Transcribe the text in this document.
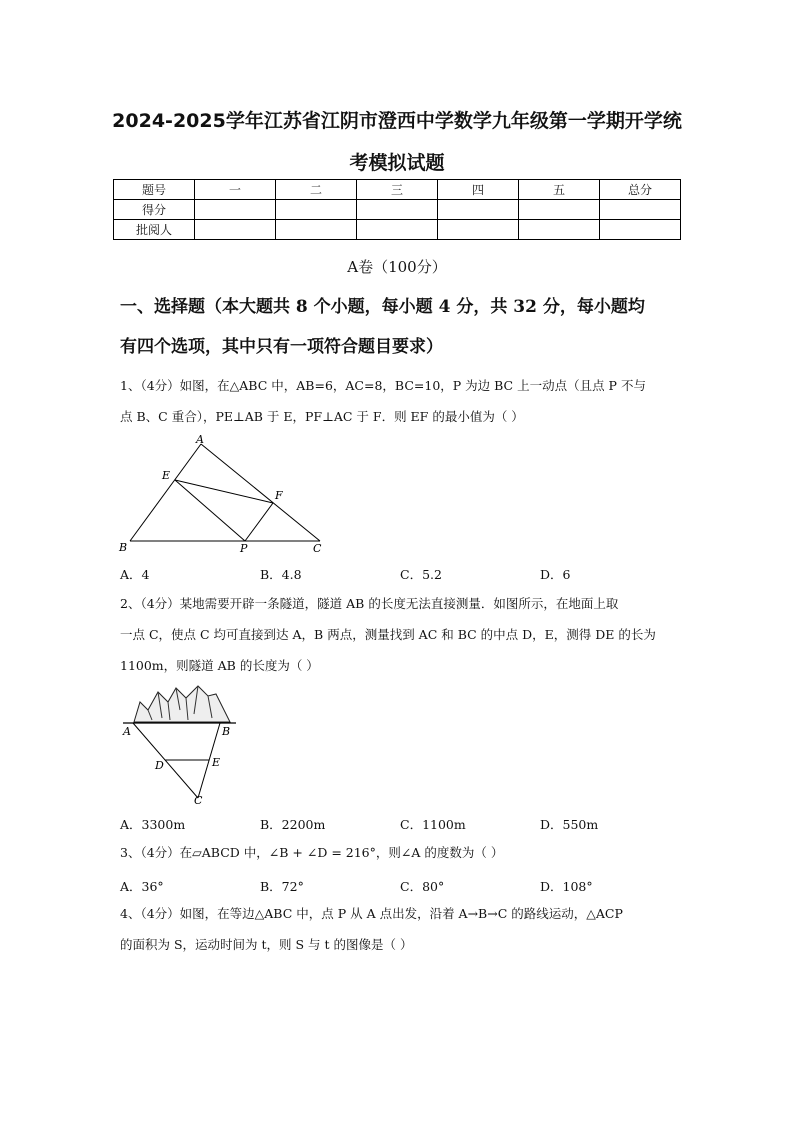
2024-2025学年江苏省江阴市澄西中学数学九年级第一学期开学统
考模拟试题
题号	一	二	三	四	五	总分
得分						
批阅人						
A卷（100分）
一、选择题（本大题共 8 个小题，每小题 4 分，共 32 分，每小题均
有四个选项，其中只有一项符合题目要求）
1、（4分）如图，在△ABC 中，AB=6，AC=8，BC=10，P 为边 BC 上一动点（且点 P 不与
点 B、C 重合），PE⊥AB 于 E，PF⊥AC 于 F．则 EF 的最小值为（ ）
A
E
F
B	P	C
A．4	B．4.8	C．5.2	D．6
2、（4分）某地需要开辟一条隧道，隧道 AB 的长度无法直接测量．如图所示，在地面上取
一点 C，使点 C 均可直接到达 A，B 两点，测量找到 AC 和 BC 的中点 D，E，测得 DE 的长为
1100m，则隧道 AB 的长度为（ ）
A	B
D	E
C
A．3300m	B．2200m	C．1100m	D．550m
3、（4分）在▱ABCD 中，∠B + ∠D = 216°，则∠A 的度数为（ ）
A．36°	B．72°	C．80°	D．108°
4、（4分）如图，在等边△ABC 中，点 P 从 A 点出发，沿着 A→B→C 的路线运动，△ACP
的面积为 S，运动时间为 t，则 S 与 t 的图像是（ ）
